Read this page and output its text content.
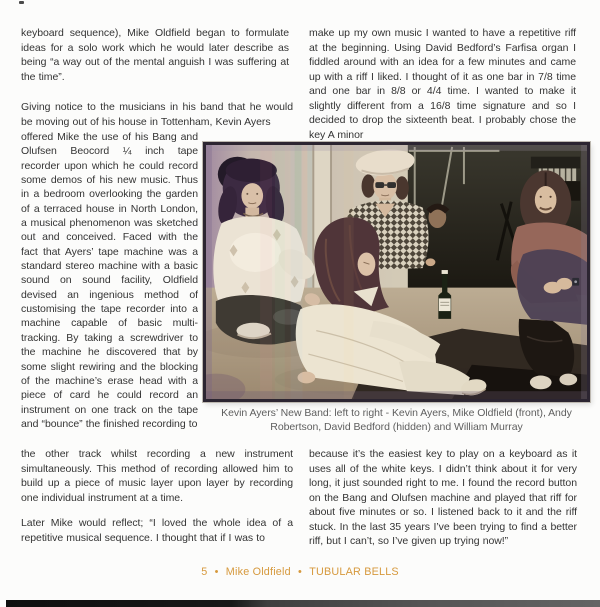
keyboard sequence), Mike Oldfield began to formulate ideas for a solo work which he would later describe as being “a way out of the mental anguish I was suffering at the time”.
Giving notice to the musicians in his band that he would be moving out of his house in Tottenham, Kevin Ayers
offered Mike the use of his Bang and Olufsen Beocord ¼ inch tape recorder upon which he could record some demos of his new music. Thus in a bedroom overlooking the garden of a terraced house in North London, a musical phenomenon was sketched out and conceived. Faced with the fact that Ayers’ tape machine was a standard stereo machine with a basic sound on sound facility, Oldfield devised an ingenious method of customising the tape recorder into a machine capable of basic multi-tracking. By taking a screwdriver to the machine he discovered that by some slight rewiring and the blocking of the machine’s erase head with a piece of card he could record an instrument on one track on the tape and “bounce” the finished recording to
the other track whilst recording a new instrument simultaneously. This method of recording allowed him to build up a piece of music layer upon layer by recording one individual instrument at a time.
Later Mike would reflect; “I loved the whole idea of a repetitive musical sequence. I thought that if I was to
make up my own music I wanted to have a repetitive riff at the beginning. Using David Bedford’s Farfisa organ I fiddled around with an idea for a few minutes and came up with a riff I liked. I thought of it as one bar in 7/8 time and one bar in 8/8 or 4/4 time. I wanted to make it slightly different from a 16/8 time signature and so I decided to drop the sixteenth beat. I probably chose the key A minor
because it’s the easiest key to play on a keyboard as it uses all of the white keys. I didn’t think about it for very long, it just sounded right to me. I found the record button on the Bang and Olufsen machine and played that riff for about five minutes or so. I listened back to it and the riff stuck. In the last 35 years I’ve been trying to find a better riff, but I can’t, so I’ve given up trying now!”
Kevin Ayers’ New Band: left to right - Kevin Ayers, Mike Oldfield (front), Andy Robertson, David Bedford (hidden) and William Murray
5 • Mike Oldfield • TUBULAR BELLS
